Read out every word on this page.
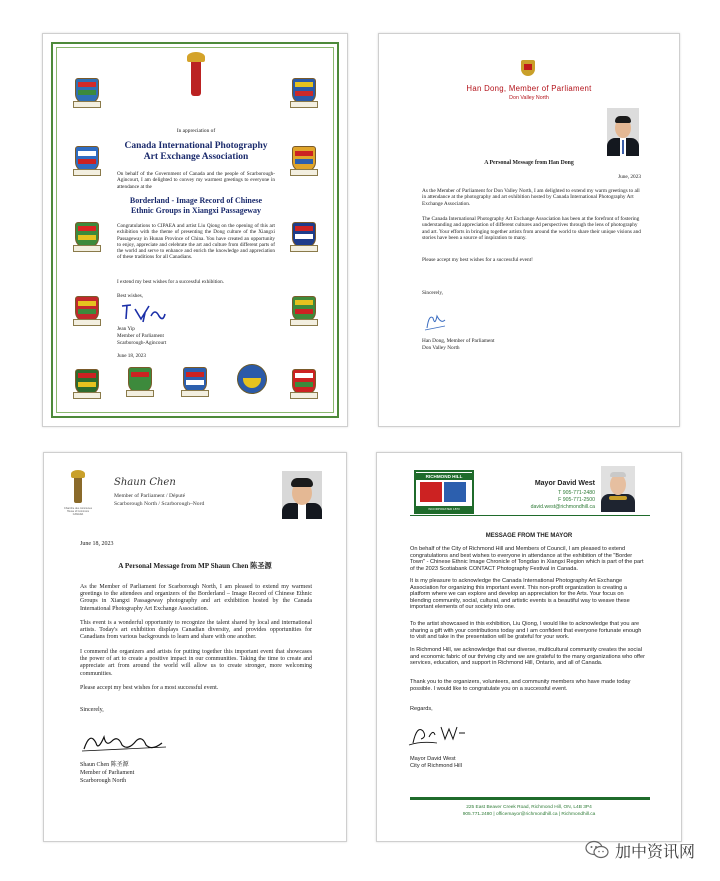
In appreciation of
Canada International Photography Art Exchange Association

On behalf of the Government of Canada and the people of Scarborough-Agincourt, I am delighted to convey my warmest greetings to everyone in attendance at the

Borderland - Image Record of Chinese Ethnic Groups in Xiangxi Passageway

Congratulations to CIPAEA and artist Liu Qiong on the opening of this art exhibition with the theme of presenting the Dong culture of the Xiangxi Passageway in Hunan Province of China. You have created an opportunity to enjoy, appreciate and celebrate the art and culture from different parts of the world and serve to enhance and enrich the knowledge and appreciation of these traditions for all Canadians.

I extend my best wishes for a successful exhibition.

Best wishes,

Jean Yip

Member of Parliament

Scarborough-Agincourt

June 18, 2023

Han Dong, Member of Parliament
Don Valley North
A Personal Message from Han Dong
June, 2023

As the Member of Parliament for Don Valley North, I am delighted to extend my warm greetings to all in attendance at the photography and art exhibition hosted by Canada International Photography Art Exchange Association.

The Canada International Photography Art Exchange Association has been at the forefront of fostering understanding and appreciation of different cultures and perspectives through the lens of photography and art. Your efforts in bringing together artists from around the world to share their unique visions and stories have been a source of inspiration to many.

Please accept my best wishes for a successful event!

Sincerely,

Han Dong, Member of Parliament

Don Valley North

Chambre des communes
House of Commons
CANADA
Shaun Chen
Member of Parliament / Député
Scarborough North / Scarborough–Nord
June 18, 2023
A Personal Message from MP Shaun Chen 陈圣源

As the Member of Parliament for Scarborough North, I am pleased to extend my warmest greetings to the attendees and organizers of the Borderland – Image Record of Chinese Ethnic Groups in Xiangxi Passageway photography and art exhibition hosted by the Canada International Photography Art Exchange Association.

This event is a wonderful opportunity to recognize the talent shared by local and international artists. Today's art exhibition displays Canadian diversity, and provides opportunities for Canadians from various backgrounds to learn and share with one another.

I commend the organizers and artists for putting together this important event that showcases the power of art to create a positive impact in our communities. Taking the time to create and appreciate art from around the world will allow us to create stronger, more welcoming communities.

Please accept my best wishes for a most successful event.

Sincerely,

Shaun Chen 陈圣源

Member of Parliament

Scarborough North

RICHMOND HILL
INCORPORATED 1873
Mayor David West
T 905-771-2480
F 905-771-2500
david.west@richmondhill.ca
MESSAGE FROM THE MAYOR

On behalf of the City of Richmond Hill and Members of Council, I am pleased to extend congratulations and best wishes to everyone in attendance at the exhibition of the "Border Town" - Chinese Ethnic Image Chronicle of Tongdao in Xiangxi Region which is part of the part of the 2023 Scotiabank CONTACT Photography Festival in Canada.

It is my pleasure to acknowledge the Canada International Photography Art Exchange Association for organizing this important event. This non-profit organization is creating a platform where we can explore and develop an appreciation for the Arts. Your focus on blending community, social, cultural, and artistic events is a beautiful way to weave these important elements of our society into one.

To the artist showcased in this exhibition, Liu Qiong, I would like to acknowledge that you are sharing a gift with your contributions today and I am confident that everyone fortunate enough to visit and take in the presentation will be grateful for your work.

In Richmond Hill, we acknowledge that our diverse, multicultural community creates the social and economic fabric of our thriving city and we are grateful to the many organizations who offer services, education, and support in Richmond Hill, Ontario, and all of Canada.

Thank you to the organizers, volunteers, and community members who have made today possible. I would like to congratulate you on a successful event.

Regards,

Mayor David West

City of Richmond Hill

225 East Beaver Creek Road, Richmond Hill, ON, L4B 3P4
905.771.2480 | officemayor@richmondhill.ca | Richmondhill.ca
加中资讯网
